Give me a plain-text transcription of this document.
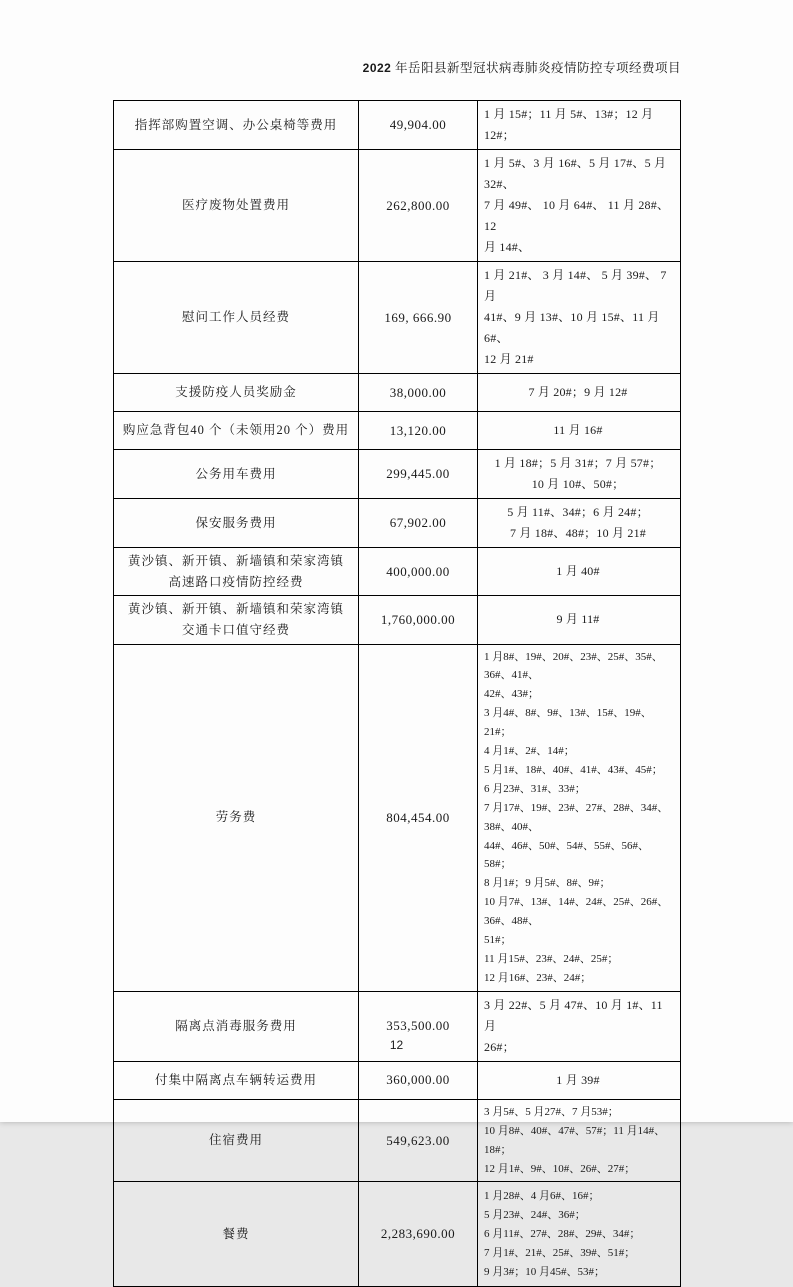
2022 年岳阳县新型冠状病毒肺炎疫情防控专项经费项目
指挥部购置空调、办公桌椅等费用	49,904.00	1 月 15#；11 月 5#、13#；12 月 12#；
医疗废物处置费用	262,800.00	1 月 5#、3 月 16#、5 月 17#、5 月 32#、
7 月 49#、 10 月 64#、 11 月 28#、 12
月 14#、
慰问工作人员经费	169, 666.90	1 月 21#、 3 月 14#、 5 月 39#、 7 月
41#、9 月 13#、10 月 15#、11 月 6#、
12 月 21#
支援防疫人员奖励金	38,000.00	7 月 20#；9 月 12#
购应急背包40 个（未领用20 个）费用	13,120.00	11 月 16#
公务用车费用	299,445.00	1 月 18#；5 月 31#；7 月 57#；
10 月 10#、50#；
保安服务费用	67,902.00	5 月 11#、34#；6 月 24#；
7 月 18#、48#；10 月 21#
黄沙镇、新开镇、新墙镇和荣家湾镇
高速路口疫情防控经费	400,000.00	1 月 40#
黄沙镇、新开镇、新墙镇和荣家湾镇
交通卡口值守经费	1,760,000.00	9 月 11#
劳务费	804,454.00	1 月8#、19#、20#、23#、25#、35#、36#、41#、
42#、43#；
3 月4#、8#、9#、13#、15#、19#、21#；
4 月1#、2#、14#；
5 月1#、18#、40#、41#、43#、45#；
6 月23#、31#、33#；
7 月17#、19#、23#、27#、28#、34#、38#、40#、
44#、46#、50#、54#、55#、56#、58#；
8 月1#；9 月5#、8#、9#；
10 月7#、13#、14#、24#、25#、26#、36#、48#、
51#；
11 月15#、23#、24#、25#；
12 月16#、23#、24#；
隔离点消毒服务费用	353,500.00	3 月 22#、5 月 47#、10 月 1#、11 月
26#；
付集中隔离点车辆转运费用	360,000.00	1 月 39#
住宿费用	549,623.00	3 月5#、5 月27#、7 月53#；
10 月8#、40#、47#、57#；11 月14#、18#；
12 月1#、9#、10#、26#、27#；
餐费	2,283,690.00	1 月28#、4 月6#、16#；
5 月23#、24#、36#；
6 月11#、27#、28#、29#、34#；
7 月1#、21#、25#、39#、51#；
9 月3#；10 月45#、53#；
12
